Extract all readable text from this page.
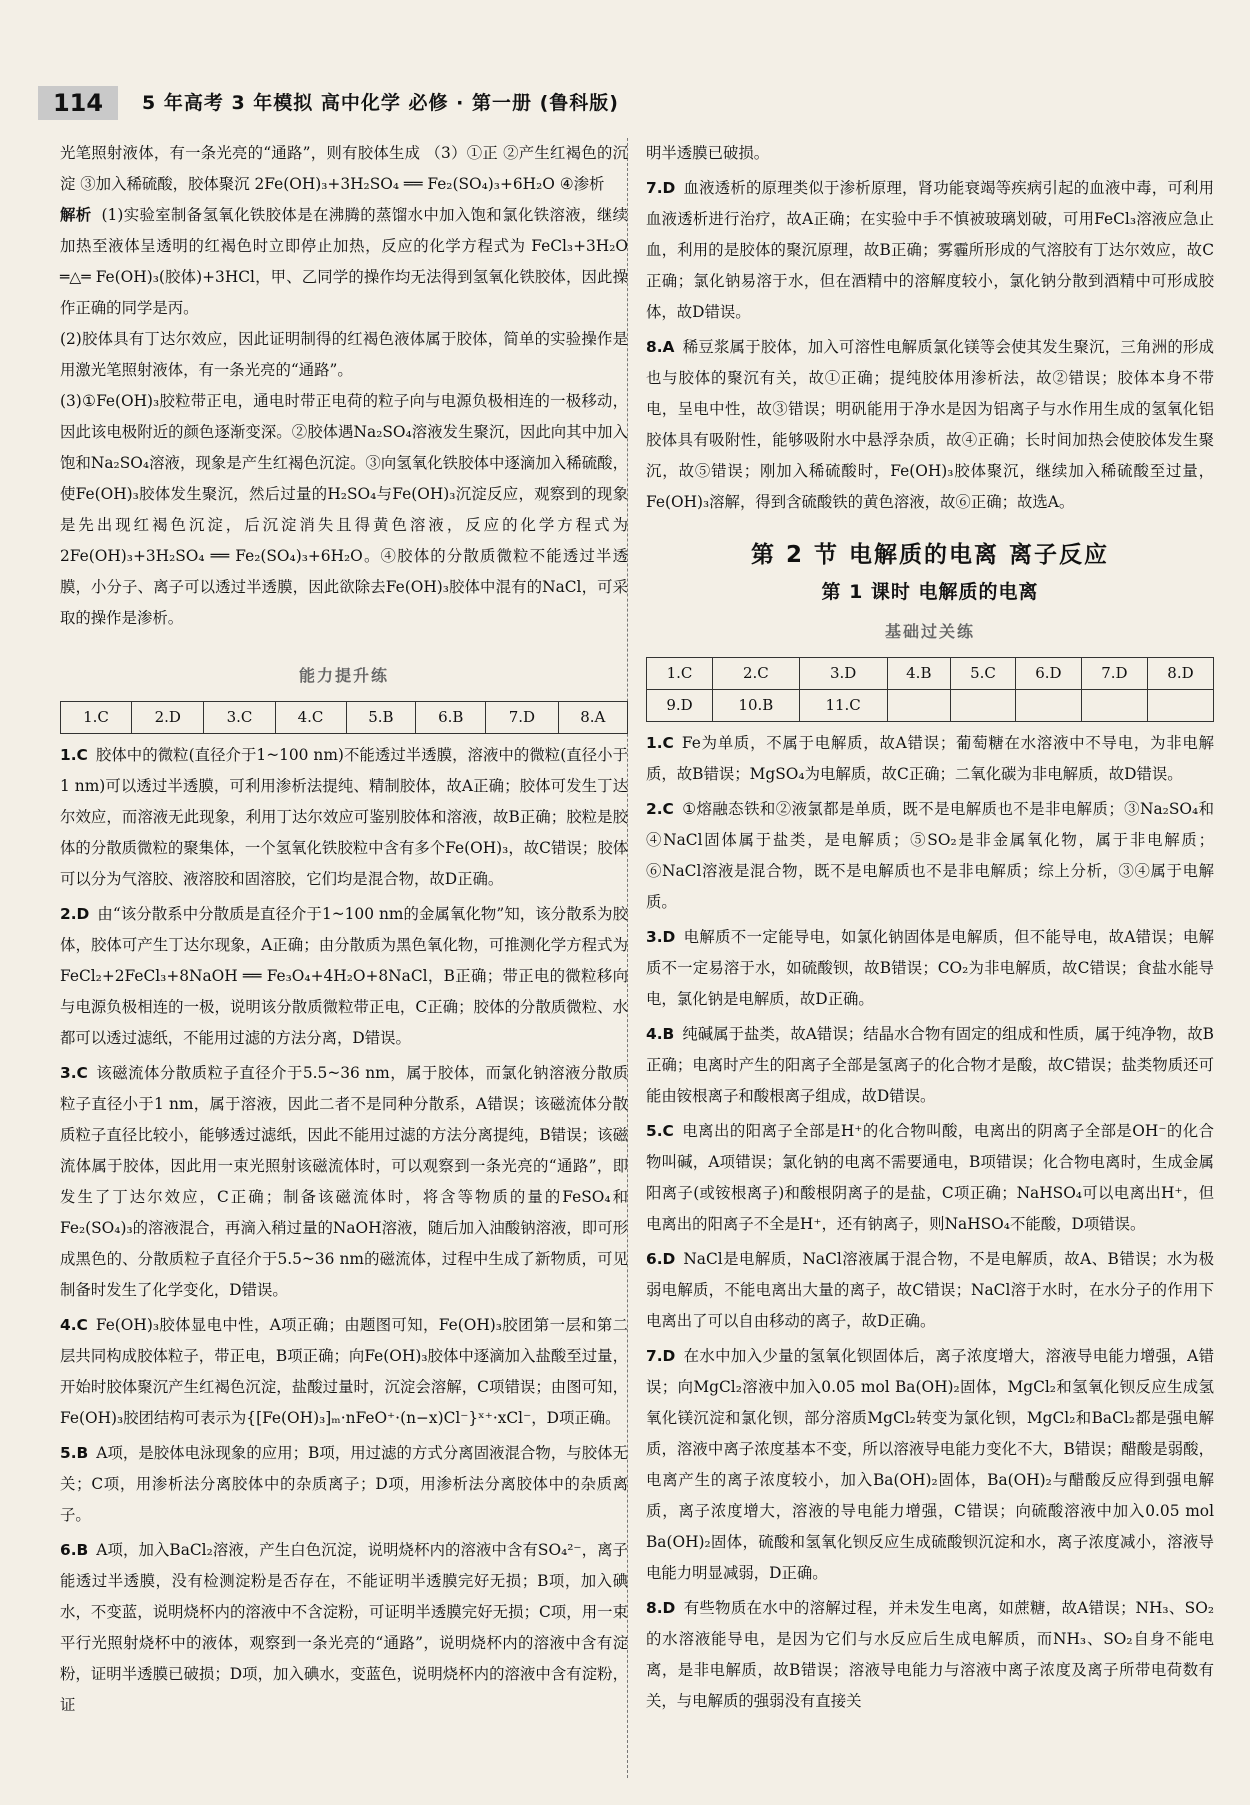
114	5 年高考 3 年模拟 高中化学 必修 · 第一册 (鲁科版)

光笔照射液体，有一条光亮的“通路”，则有胶体生成 （3）①正 ②产生红褐色的沉淀 ③加入稀硫酸，胶体聚沉 2Fe(OH)₃+3H₂SO₄ ══ Fe₂(SO₄)₃+6H₂O ④渗析

解析 (1)实验室制备氢氧化铁胶体是在沸腾的蒸馏水中加入饱和氯化铁溶液，继续加热至液体呈透明的红褐色时立即停止加热，反应的化学方程式为 FeCl₃+3H₂O ═△═ Fe(OH)₃(胶体)+3HCl，甲、乙同学的操作均无法得到氢氧化铁胶体，因此操作正确的同学是丙。

(2)胶体具有丁达尔效应，因此证明制得的红褐色液体属于胶体，简单的实验操作是用激光笔照射液体，有一条光亮的“通路”。

(3)①Fe(OH)₃胶粒带正电，通电时带正电荷的粒子向与电源负极相连的一极移动，因此该电极附近的颜色逐渐变深。②胶体遇Na₂SO₄溶液发生聚沉，因此向其中加入饱和Na₂SO₄溶液，现象是产生红褐色沉淀。③向氢氧化铁胶体中逐滴加入稀硫酸，使Fe(OH)₃胶体发生聚沉，然后过量的H₂SO₄与Fe(OH)₃沉淀反应，观察到的现象是先出现红褐色沉淀，后沉淀消失且得黄色溶液，反应的化学方程式为2Fe(OH)₃+3H₂SO₄ ══ Fe₂(SO₄)₃+6H₂O。④胶体的分散质微粒不能透过半透膜，小分子、离子可以透过半透膜，因此欲除去Fe(OH)₃胶体中混有的NaCl，可采取的操作是渗析。

能力提升练
1.C	2.D	3.C	4.C	5.B	6.B	7.D	8.A

1.C 胶体中的微粒(直径介于1~100 nm)不能透过半透膜，溶液中的微粒(直径小于1 nm)可以透过半透膜，可利用渗析法提纯、精制胶体，故A正确；胶体可发生丁达尔效应，而溶液无此现象，利用丁达尔效应可鉴别胶体和溶液，故B正确；胶粒是胶体的分散质微粒的聚集体，一个氢氧化铁胶粒中含有多个Fe(OH)₃，故C错误；胶体可以分为气溶胶、液溶胶和固溶胶，它们均是混合物，故D正确。

2.D 由“该分散系中分散质是直径介于1~100 nm的金属氧化物”知，该分散系为胶体，胶体可产生丁达尔现象，A正确；由分散质为黑色氧化物，可推测化学方程式为FeCl₂+2FeCl₃+8NaOH ══ Fe₃O₄+4H₂O+8NaCl，B正确；带正电的微粒移向与电源负极相连的一极，说明该分散质微粒带正电，C正确；胶体的分散质微粒、水都可以透过滤纸，不能用过滤的方法分离，D错误。

3.C 该磁流体分散质粒子直径介于5.5~36 nm，属于胶体，而氯化钠溶液分散质粒子直径小于1 nm，属于溶液，因此二者不是同种分散系，A错误；该磁流体分散质粒子直径比较小，能够透过滤纸，因此不能用过滤的方法分离提纯，B错误；该磁流体属于胶体，因此用一束光照射该磁流体时，可以观察到一条光亮的“通路”，即发生了丁达尔效应，C正确；制备该磁流体时，将含等物质的量的FeSO₄和Fe₂(SO₄)₃的溶液混合，再滴入稍过量的NaOH溶液，随后加入油酸钠溶液，即可形成黑色的、分散质粒子直径介于5.5~36 nm的磁流体，过程中生成了新物质，可见制备时发生了化学变化，D错误。

4.C Fe(OH)₃胶体显电中性，A项正确；由题图可知，Fe(OH)₃胶团第一层和第二层共同构成胶体粒子，带正电，B项正确；向Fe(OH)₃胶体中逐滴加入盐酸至过量，开始时胶体聚沉产生红褐色沉淀，盐酸过量时，沉淀会溶解，C项错误；由图可知，Fe(OH)₃胶团结构可表示为{[Fe(OH)₃]ₘ·nFeO⁺·(n−x)Cl⁻}ˣ⁺·xCl⁻，D项正确。

5.B A项，是胶体电泳现象的应用；B项，用过滤的方式分离固液混合物，与胶体无关；C项，用渗析法分离胶体中的杂质离子；D项，用渗析法分离胶体中的杂质离子。

6.B A项，加入BaCl₂溶液，产生白色沉淀，说明烧杯内的溶液中含有SO₄²⁻，离子能透过半透膜，没有检测淀粉是否存在，不能证明半透膜完好无损；B项，加入碘水，不变蓝，说明烧杯内的溶液中不含淀粉，可证明半透膜完好无损；C项，用一束平行光照射烧杯中的液体，观察到一条光亮的“通路”，说明烧杯内的溶液中含有淀粉，证明半透膜已破损；D项，加入碘水，变蓝色，说明烧杯内的溶液中含有淀粉，证

明半透膜已破损。

7.D 血液透析的原理类似于渗析原理，肾功能衰竭等疾病引起的血液中毒，可利用血液透析进行治疗，故A正确；在实验中手不慎被玻璃划破，可用FeCl₃溶液应急止血，利用的是胶体的聚沉原理，故B正确；雾霾所形成的气溶胶有丁达尔效应，故C正确；氯化钠易溶于水，但在酒精中的溶解度较小，氯化钠分散到酒精中可形成胶体，故D错误。

8.A 稀豆浆属于胶体，加入可溶性电解质氯化镁等会使其发生聚沉，三角洲的形成也与胶体的聚沉有关，故①正确；提纯胶体用渗析法，故②错误；胶体本身不带电，呈电中性，故③错误；明矾能用于净水是因为铝离子与水作用生成的氢氧化铝胶体具有吸附性，能够吸附水中悬浮杂质，故④正确；长时间加热会使胶体发生聚沉，故⑤错误；刚加入稀硫酸时，Fe(OH)₃胶体聚沉，继续加入稀硫酸至过量，Fe(OH)₃溶解，得到含硫酸铁的黄色溶液，故⑥正确；故选A。

第 2 节 电解质的电离 离子反应
第 1 课时 电解质的电离
基础过关练
1.C	2.C	3.D	4.B	5.C	6.D	7.D	8.D
9.D	10.B	11.C					

1.C Fe为单质，不属于电解质，故A错误；葡萄糖在水溶液中不导电，为非电解质，故B错误；MgSO₄为电解质，故C正确；二氧化碳为非电解质，故D错误。

2.C ①熔融态铁和②液氯都是单质，既不是电解质也不是非电解质；③Na₂SO₄和④NaCl固体属于盐类，是电解质；⑤SO₂是非金属氧化物，属于非电解质；⑥NaCl溶液是混合物，既不是电解质也不是非电解质；综上分析，③④属于电解质。

3.D 电解质不一定能导电，如氯化钠固体是电解质，但不能导电，故A错误；电解质不一定易溶于水，如硫酸钡，故B错误；CO₂为非电解质，故C错误；食盐水能导电，氯化钠是电解质，故D正确。

4.B 纯碱属于盐类，故A错误；结晶水合物有固定的组成和性质，属于纯净物，故B正确；电离时产生的阳离子全部是氢离子的化合物才是酸，故C错误；盐类物质还可能由铵根离子和酸根离子组成，故D错误。

5.C 电离出的阳离子全部是H⁺的化合物叫酸，电离出的阴离子全部是OH⁻的化合物叫碱，A项错误；氯化钠的电离不需要通电，B项错误；化合物电离时，生成金属阳离子(或铵根离子)和酸根阴离子的是盐，C项正确；NaHSO₄可以电离出H⁺，但电离出的阳离子不全是H⁺，还有钠离子，则NaHSO₄不能酸，D项错误。

6.D NaCl是电解质，NaCl溶液属于混合物，不是电解质，故A、B错误；水为极弱电解质，不能电离出大量的离子，故C错误；NaCl溶于水时，在水分子的作用下电离出了可以自由移动的离子，故D正确。

7.D 在水中加入少量的氢氧化钡固体后，离子浓度增大，溶液导电能力增强，A错误；向MgCl₂溶液中加入0.05 mol Ba(OH)₂固体，MgCl₂和氢氧化钡反应生成氢氧化镁沉淀和氯化钡，部分溶质MgCl₂转变为氯化钡，MgCl₂和BaCl₂都是强电解质，溶液中离子浓度基本不变，所以溶液导电能力变化不大，B错误；醋酸是弱酸，电离产生的离子浓度较小，加入Ba(OH)₂固体，Ba(OH)₂与醋酸反应得到强电解质，离子浓度增大，溶液的导电能力增强，C错误；向硫酸溶液中加入0.05 mol Ba(OH)₂固体，硫酸和氢氧化钡反应生成硫酸钡沉淀和水，离子浓度减小，溶液导电能力明显减弱，D正确。

8.D 有些物质在水中的溶解过程，并未发生电离，如蔗糖，故A错误；NH₃、SO₂的水溶液能导电，是因为它们与水反应后生成电解质，而NH₃、SO₂自身不能电离，是非电解质，故B错误；溶液导电能力与溶液中离子浓度及离子所带电荷数有关，与电解质的强弱没有直接关
